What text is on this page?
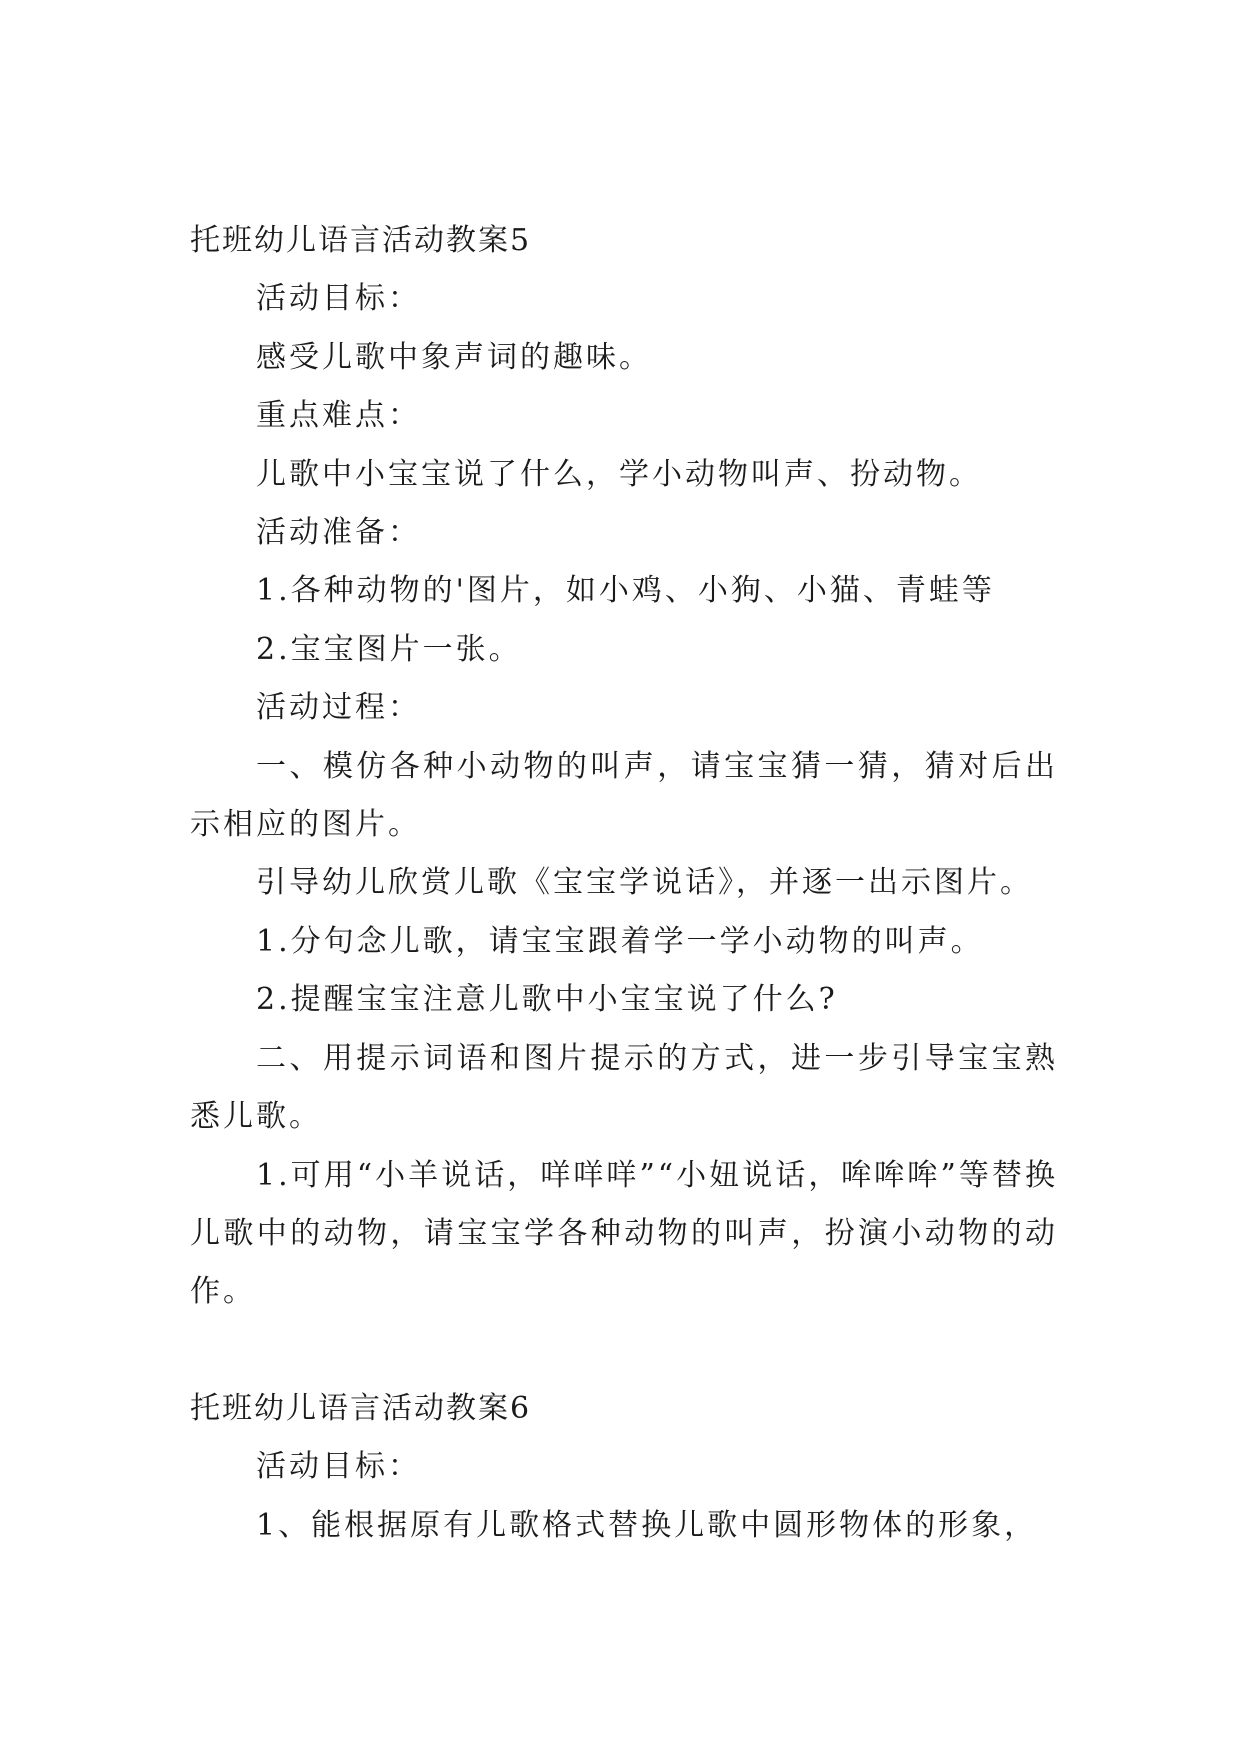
托班幼儿语言活动教案5

活动目标：

感受儿歌中象声词的趣味。

重点难点：

儿歌中小宝宝说了什么，学小动物叫声、扮动物。

活动准备：

1.各种动物的'图片，如小鸡、小狗、小猫、青蛙等

2.宝宝图片一张。

活动过程：

一、模仿各种小动物的叫声，请宝宝猜一猜，猜对后出示相应的图片。

引导幼儿欣赏儿歌《宝宝学说话》，并逐一出示图片。

1.分句念儿歌，请宝宝跟着学一学小动物的叫声。

2.提醒宝宝注意儿歌中小宝宝说了什么?

二、用提示词语和图片提示的方式，进一步引导宝宝熟悉儿歌。

1.可用“小羊说话，咩咩咩”“小妞说话，哞哞哞”等替换儿歌中的动物，请宝宝学各种动物的叫声，扮演小动物的动作。

托班幼儿语言活动教案6

活动目标：

1、能根据原有儿歌格式替换儿歌中圆形物体的形象，
